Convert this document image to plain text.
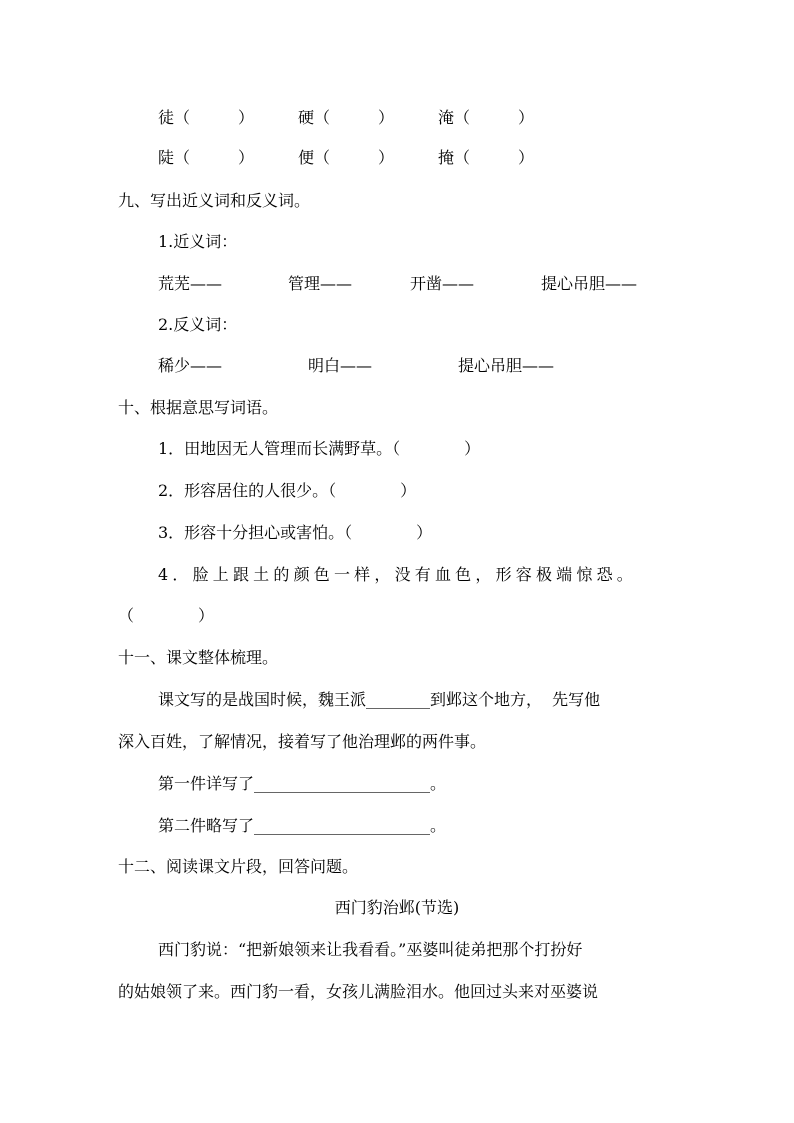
徒（　　　）	硬（　　　）	淹（　　　）
陡（　　　）	便（　　　）	掩（　　　）
九、写出近义词和反义词。
1.近义词：
荒芜——	管理——	开凿——	提心吊胆——
2.反义词：
稀少——	明白——	提心吊胆——
十、根据意思写词语。
1．田地因无人管理而长满野草。（　　　　）
2．形容居住的人很少。（　　　　）
3．形容十分担心或害怕。（　　　　）
4．脸上跟土的颜色一样，没有血色，形容极端惊恐。
（　　　　）
十一、课文整体梳理。
课文写的是战国时候，魏王派________到邺这个地方，  先写他
深入百姓，了解情况，接着写了他治理邺的两件事。
第一件详写了______________________。
第二件略写了______________________。
十二、阅读课文片段，回答问题。
西门豹治邺(节选)
西门豹说：“把新娘领来让我看看。”巫婆叫徒弟把那个打扮好
的姑娘领了来。西门豹一看，女孩儿满脸泪水。他回过头来对巫婆说
